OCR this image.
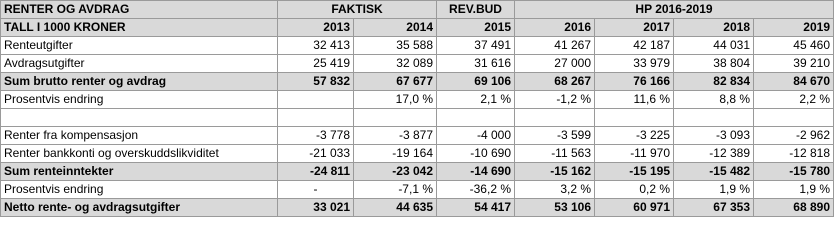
RENTER OG AVDRAG	FAKTISK		REV.BUD	HP 2016-2019			
TALL I 1000 KRONER	2013	2014	2015	2016	2017	2018	2019
Renteutgifter	32 413	35 588	37 491	41 267	42 187	44 031	45 460
Avdragsutgifter	25 419	32 089	31 616	27 000	33 979	38 804	39 210
Sum brutto renter og avdrag	57 832	67 677	69 106	68 267	76 166	82 834	84 670
Prosentvis endring		17,0 %	2,1 %	-1,2 %	11,6 %	8,8 %	2,2 %

Renter fra kompensasjon	-3 778	-3 877	-4 000	-3 599	-3 225	-3 093	-2 962
Renter bankkonti og overskuddslikviditet	-21 033	-19 164	-10 690	-11 563	-11 970	-12 389	-12 818
Sum renteinntekter	-24 811	-23 042	-14 690	-15 162	-15 195	-15 482	-15 780
Prosentvis endring	-	-7,1 %	-36,2 %	3,2 %	0,2 %	1,9 %	1,9 %
Netto rente- og avdragsutgifter	33 021	44 635	54 417	53 106	60 971	67 353	68 890
